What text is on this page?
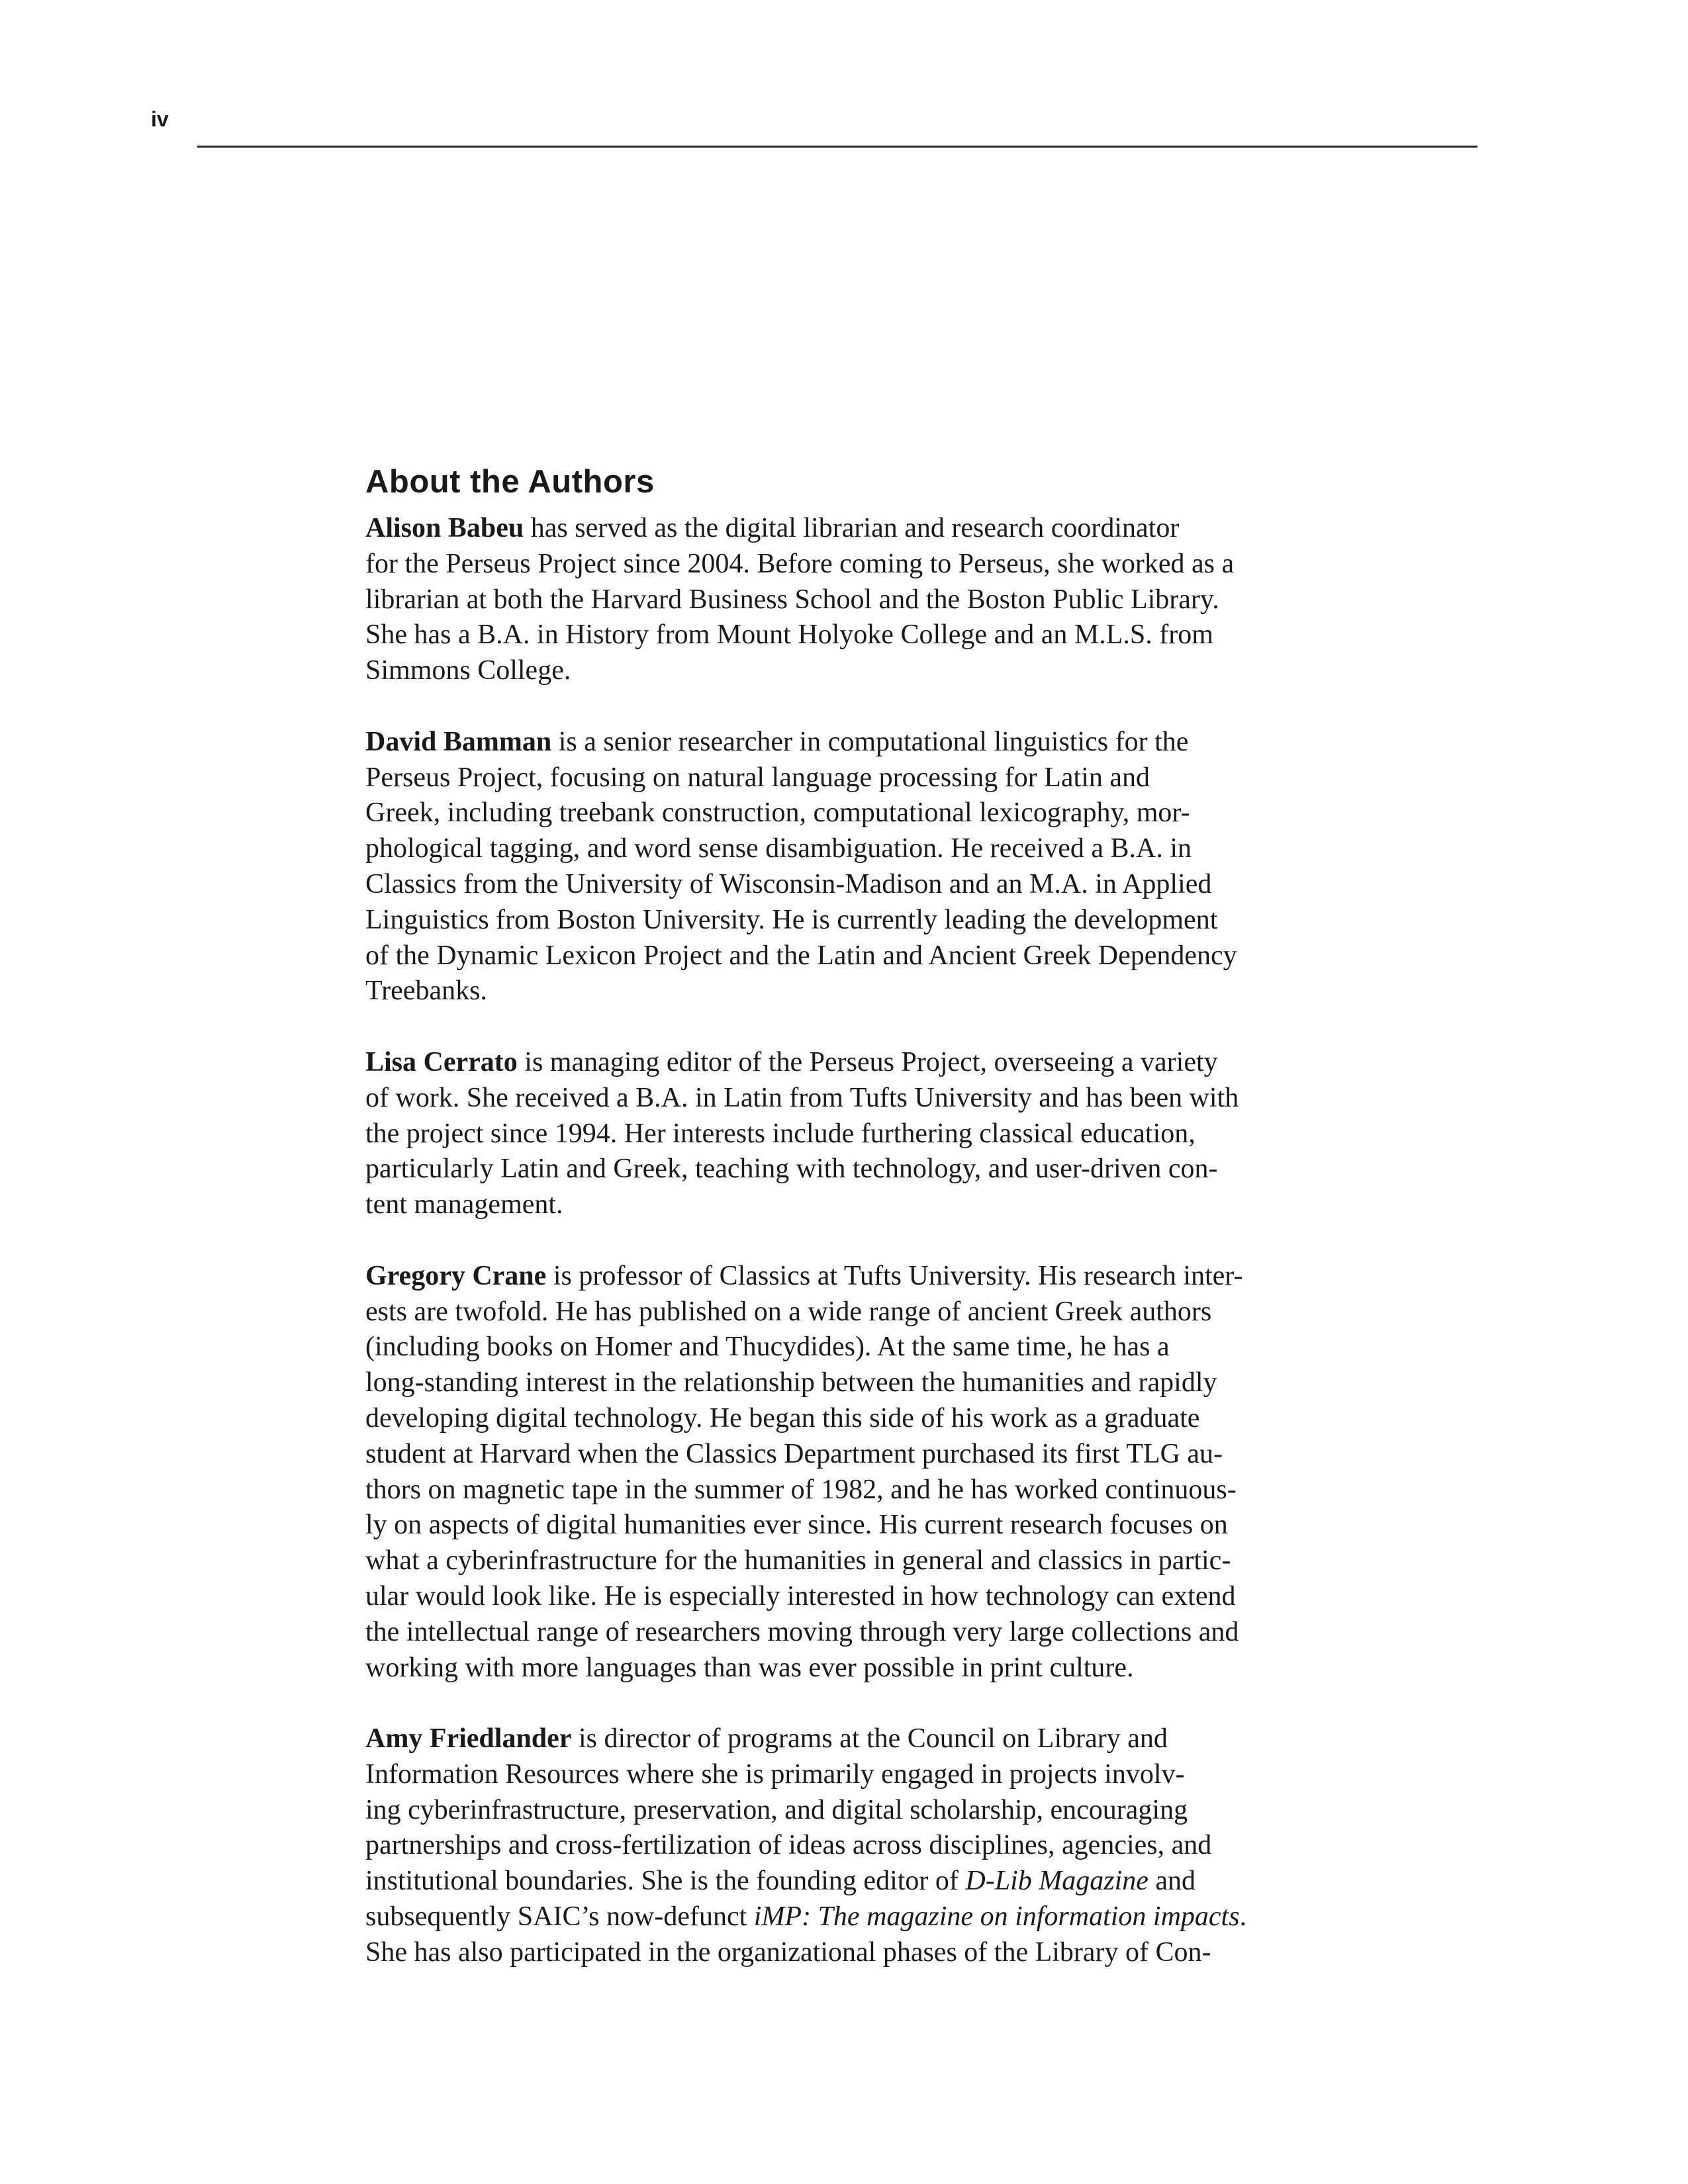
iv
About the Authors

Alison Babeu has served as the digital librarian and research coordinator
for the Perseus Project since 2004. Before coming to Perseus, she worked as a
librarian at both the Harvard Business School and the Boston Public Library.
She has a B.A. in History from Mount Holyoke College and an M.L.S. from
Simmons College.

David Bamman is a senior researcher in computational linguistics for the
Perseus Project, focusing on natural language processing for Latin and
Greek, including treebank construction, computational lexicography, mor-
phological tagging, and word sense disambiguation. He received a B.A. in
Classics from the University of Wisconsin-Madison and an M.A. in Applied
Linguistics from Boston University. He is currently leading the development
of the Dynamic Lexicon Project and the Latin and Ancient Greek Dependency
Treebanks.

Lisa Cerrato is managing editor of the Perseus Project, overseeing a variety
of work. She received a B.A. in Latin from Tufts University and has been with
the project since 1994. Her interests include furthering classical education,
particularly Latin and Greek, teaching with technology, and user-driven con-
tent management.

Gregory Crane is professor of Classics at Tufts University. His research inter-
ests are twofold. He has published on a wide range of ancient Greek authors
(including books on Homer and Thucydides). At the same time, he has a
long-standing interest in the relationship between the humanities and rapidly
developing digital technology. He began this side of his work as a graduate
student at Harvard when the Classics Department purchased its first TLG au-
thors on magnetic tape in the summer of 1982, and he has worked continuous-
ly on aspects of digital humanities ever since. His current research focuses on
what a cyberinfrastructure for the humanities in general and classics in partic-
ular would look like. He is especially interested in how technology can extend
the intellectual range of researchers moving through very large collections and
working with more languages than was ever possible in print culture.

Amy Friedlander is director of programs at the Council on Library and
Information Resources where she is primarily engaged in projects involv-
ing cyberinfrastructure, preservation, and digital scholarship, encouraging
partnerships and cross-fertilization of ideas across disciplines, agencies, and
institutional boundaries. She is the founding editor of D-Lib Magazine and
subsequently SAIC’s now-defunct iMP: The magazine on information impacts.
She has also participated in the organizational phases of the Library of Con-
